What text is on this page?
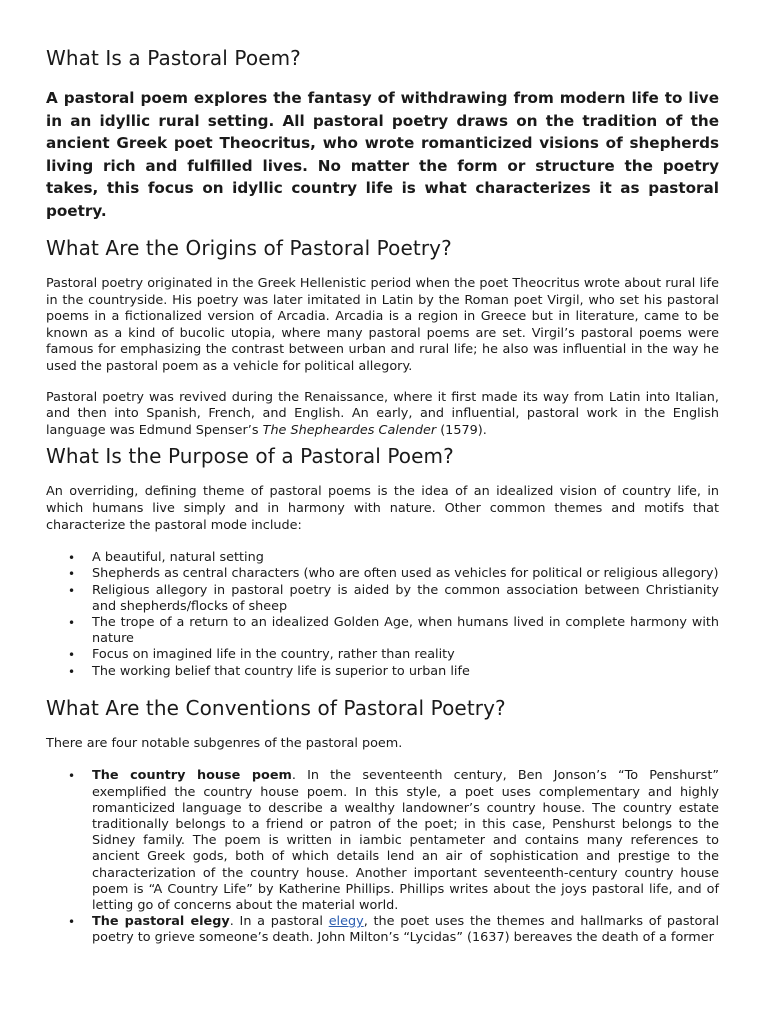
What Is a Pastoral Poem?

A pastoral poem explores the fantasy of withdrawing from modern life to live in an idyllic rural setting. All pastoral poetry draws on the tradition of the ancient Greek poet Theocritus, who wrote romanticized visions of shepherds living rich and fulfilled lives. No matter the form or structure the poetry takes, this focus on idyllic country life is what characterizes it as pastoral poetry.

What Are the Origins of Pastoral Poetry?

Pastoral poetry originated in the Greek Hellenistic period when the poet Theocritus wrote about rural life in the countryside. His poetry was later imitated in Latin by the Roman poet Virgil, who set his pastoral poems in a fictionalized version of Arcadia. Arcadia is a region in Greece but in literature, came to be known as a kind of bucolic utopia, where many pastoral poems are set. Virgil’s pastoral poems were famous for emphasizing the contrast between urban and rural life; he also was influential in the way he used the pastoral poem as a vehicle for political allegory.

Pastoral poetry was revived during the Renaissance, where it first made its way from Latin into Italian, and then into Spanish, French, and English. An early, and influential, pastoral work in the English language was Edmund Spenser’s The Shepheardes Calender (1579).

What Is the Purpose of a Pastoral Poem?

An overriding, defining theme of pastoral poems is the idea of an idealized vision of country life, in which humans live simply and in harmony with nature. Other common themes and motifs that characterize the pastoral mode include:

• A beautiful, natural setting
• Shepherds as central characters (who are often used as vehicles for political or religious allegory)
• Religious allegory in pastoral poetry is aided by the common association between Christianity and shepherds/flocks of sheep
• The trope of a return to an idealized Golden Age, when humans lived in complete harmony with nature
• Focus on imagined life in the country, rather than reality
• The working belief that country life is superior to urban life
What Are the Conventions of Pastoral Poetry?

There are four notable subgenres of the pastoral poem.

• The country house poem. In the seventeenth century, Ben Jonson’s “To Penshurst” exemplified the country house poem. In this style, a poet uses complementary and highly romanticized language to describe a wealthy landowner’s country house. The country estate traditionally belongs to a friend or patron of the poet; in this case, Penshurst belongs to the Sidney family. The poem is written in iambic pentameter and contains many references to ancient Greek gods, both of which details lend an air of sophistication and prestige to the characterization of the country house. Another important seventeenth-century country house poem is “A Country Life” by Katherine Phillips. Phillips writes about the joys pastoral life, and of letting go of concerns about the material world.
• The pastoral elegy. In a pastoral elegy, the poet uses the themes and hallmarks of pastoral poetry to grieve someone’s death. John Milton’s “Lycidas” (1637) bereaves the death of a former
